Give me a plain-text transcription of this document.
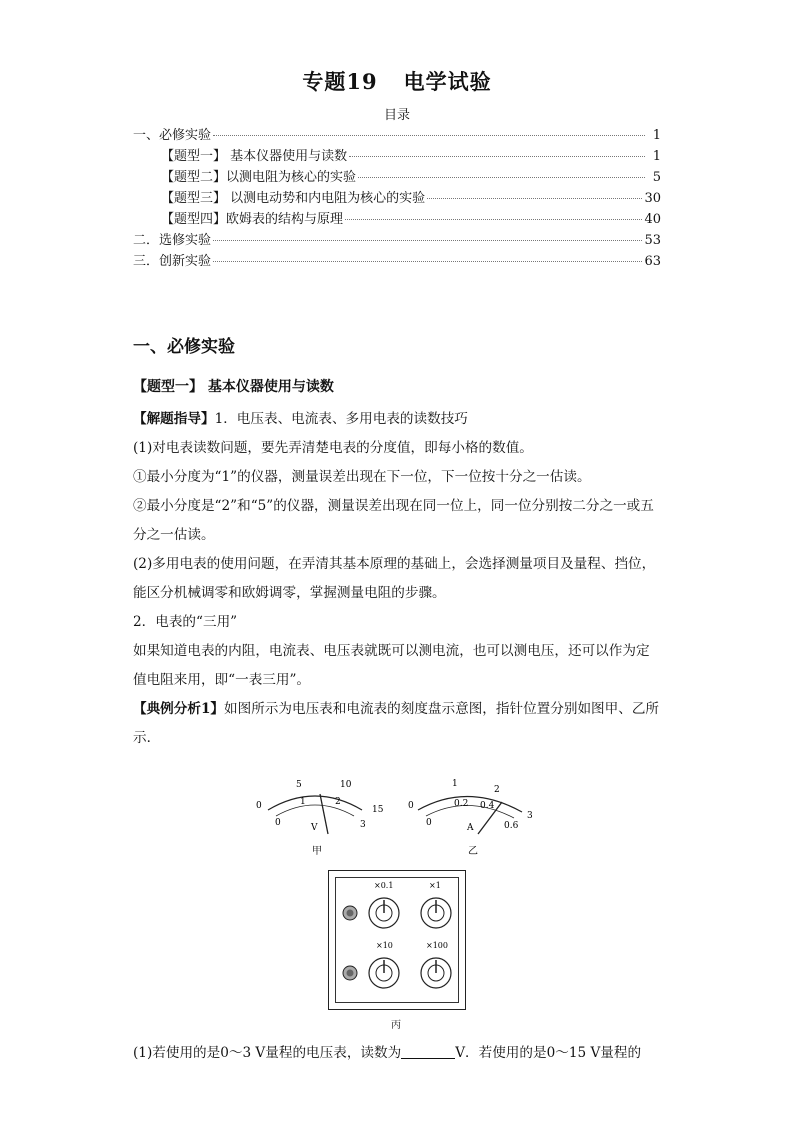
专题19 电学试验
目录
一、必修实验	1
【题型一】 基本仪器使用与读数	1
【题型二】以测电阻为核心的实验	5
【题型三】 以测电动势和内电阻为核心的实验	30
【题型四】欧姆表的结构与原理	40
二．选修实验	53
三．创新实验	63
一、必修实验
【题型一】 基本仪器使用与读数

【解题指导】1．电压表、电流表、多用电表的读数技巧

(1)对电表读数问题，要先弄清楚电表的分度值，即每小格的数值。

①最小分度为“1”的仪器，测量误差出现在下一位，下一位按十分之一估读。

②最小分度是“2”和“5”的仪器，测量误差出现在同一位上，同一位分别按二分之一或五分之一估读。

(2)多用电表的使用问题，在弄清其基本原理的基础上，会选择测量项目及量程、挡位，能区分机械调零和欧姆调零，掌握测量电阻的步骤。

2．电表的“三用”

如果知道电表的内阻，电流表、电压表就既可以测电流，也可以测电压，还可以作为定值电阻来用，即“一表三用”。

【典例分析1】如图所示为电压表和电流表的刻度盘示意图，指针位置分别如图甲、乙所示．

0
5	10
15
0
1	2
3
V
甲
0
1
2
3
0
0.2 0.4
0.6
A
乙
×0.1	×1
×10	×100
丙

(1)若使用的是0～3 V量程的电压表，读数为	V．若使用的是0～15 V量程的
